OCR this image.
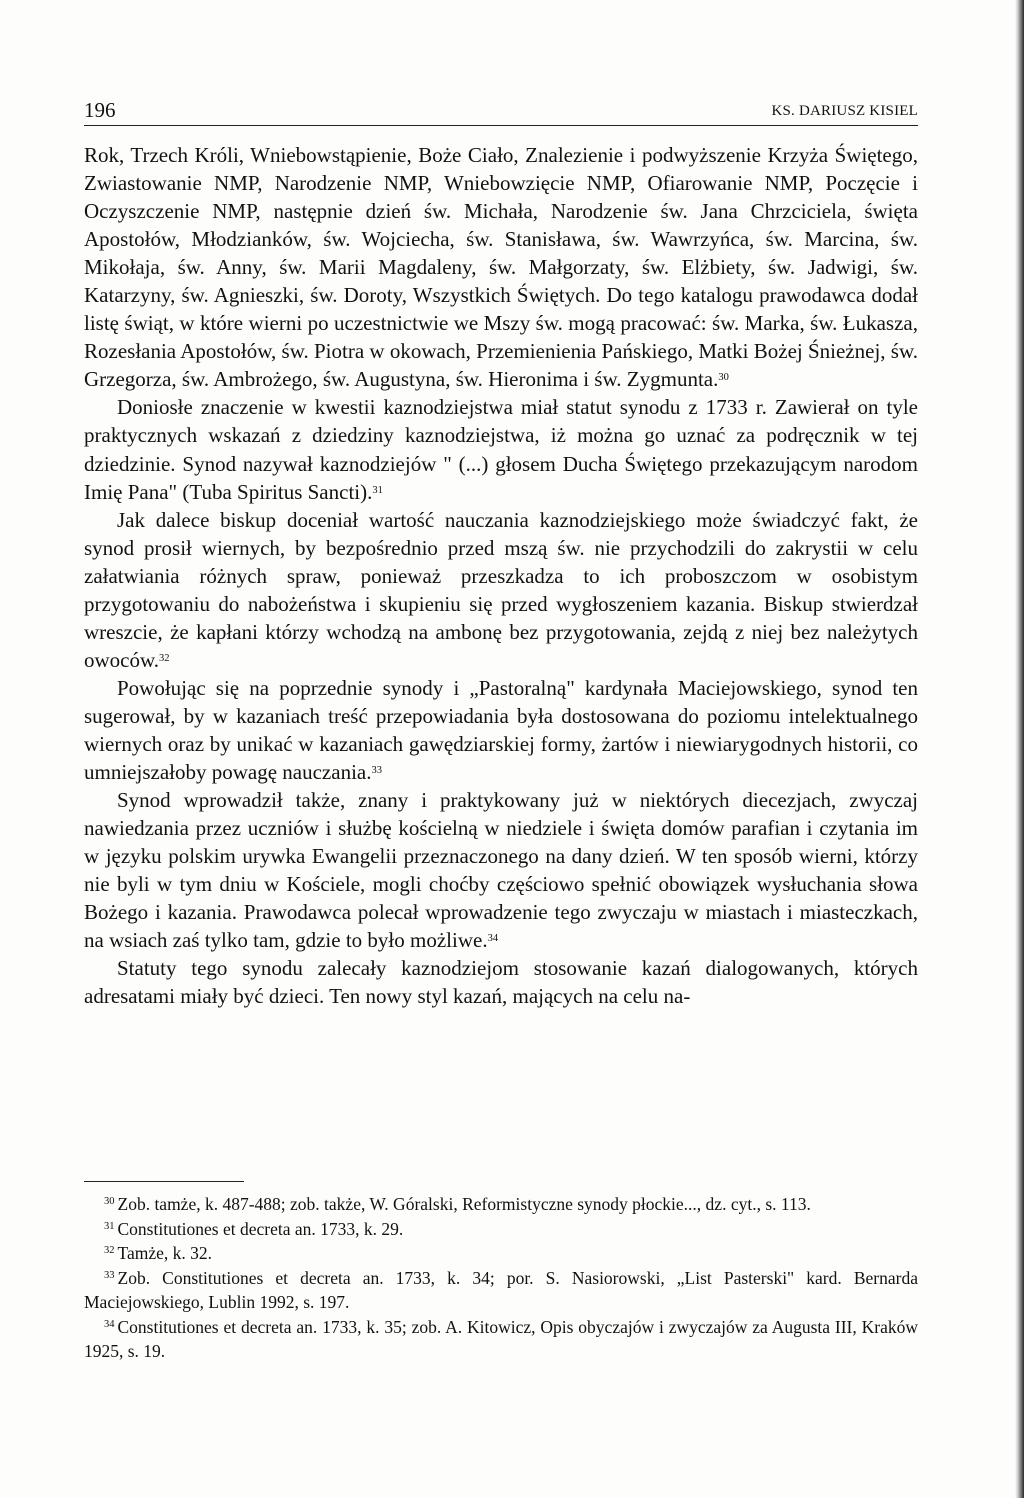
196	KS. DARIUSZ KISIEL

Rok, Trzech Króli, Wniebowstąpienie, Boże Ciało, Znalezienie i podwyższenie Krzyża Świętego, Zwiastowanie NMP, Narodzenie NMP, Wniebowzięcie NMP, Ofiarowanie NMP, Poczęcie i Oczyszczenie NMP, następnie dzień św. Michała, Narodzenie św. Jana Chrzciciela, święta Apostołów, Młodzianków, św. Wojciecha, św. Stanisława, św. Wawrzyńca, św. Marcina, św. Mikołaja, św. Anny, św. Marii Magdaleny, św. Małgorzaty, św. Elżbiety, św. Jadwigi, św. Katarzyny, św. Agnieszki, św. Doroty, Wszystkich Świętych. Do tego katalogu prawodawca dodał listę świąt, w które wierni po uczestnictwie we Mszy św. mogą pracować: św. Marka, św. Łukasza, Rozesłania Apostołów, św. Piotra w okowach, Przemienienia Pańskiego, Matki Bożej Śnieżnej, św. Grzegorza, św. Ambrożego, św. Augustyna, św. Hieronima i św. Zygmunta.$^{30}$

Doniosłe znaczenie w kwestii kaznodziejstwa miał statut synodu z 1733 r. Zawierał on tyle praktycznych wskazań z dziedziny kaznodziejstwa, iż można go uznać za podręcznik w tej dziedzinie. Synod nazywał kaznodziejów " (...) głosem Ducha Świętego przekazującym narodom Imię Pana" (Tuba Spiritus Sancti).$^{31}$

Jak dalece biskup doceniał wartość nauczania kaznodziejskiego może świadczyć fakt, że synod prosił wiernych, by bezpośrednio przed mszą św. nie przychodzili do zakrystii w celu załatwiania różnych spraw, ponieważ przeszkadza to ich proboszczom w osobistym przygotowaniu do nabożeństwa i skupieniu się przed wygłoszeniem kazania. Biskup stwierdzał wreszcie, że kapłani którzy wchodzą na ambonę bez przygotowania, zejdą z niej bez należytych owoców.$^{32}$

Powołując się na poprzednie synody i „Pastoralną" kardynała Maciejowskiego, synod ten sugerował, by w kazaniach treść przepowiadania była dostosowana do poziomu intelektualnego wiernych oraz by unikać w kazaniach gawędziarskiej formy, żartów i niewiarygodnych historii, co umniejszałoby powagę nauczania.$^{33}$

Synod wprowadził także, znany i praktykowany już w niektórych diecezjach, zwyczaj nawiedzania przez uczniów i służbę kościelną w niedziele i święta domów parafian i czytania im w języku polskim urywka Ewangelii przeznaczonego na dany dzień. W ten sposób wierni, którzy nie byli w tym dniu w Kościele, mogli choćby częściowo spełnić obowiązek wysłuchania słowa Bożego i kazania. Prawodawca polecał wprowadzenie tego zwyczaju w miastach i miasteczkach, na wsiach zaś tylko tam, gdzie to było możliwe.$^{34}$

Statuty tego synodu zalecały kaznodziejom stosowanie kazań dialogowanych, których adresatami miały być dzieci. Ten nowy styl kazań, mających na celu na-

$^{30}$ Zob. tamże, k. 487-488; zob. także, W. Góralski, Reformistyczne synody płockie..., dz. cyt., s. 113.

$^{31}$ Constitutiones et decreta an. 1733, k. 29.

$^{32}$ Tamże, k. 32.

$^{33}$ Zob. Constitutiones et decreta an. 1733, k. 34; por. S. Nasiorowski, „List Pasterski" kard. Bernarda Maciejowskiego, Lublin 1992, s. 197.

$^{34}$ Constitutiones et decreta an. 1733, k. 35; zob. A. Kitowicz, Opis obyczajów i zwyczajów za Augusta III, Kraków 1925, s. 19.
